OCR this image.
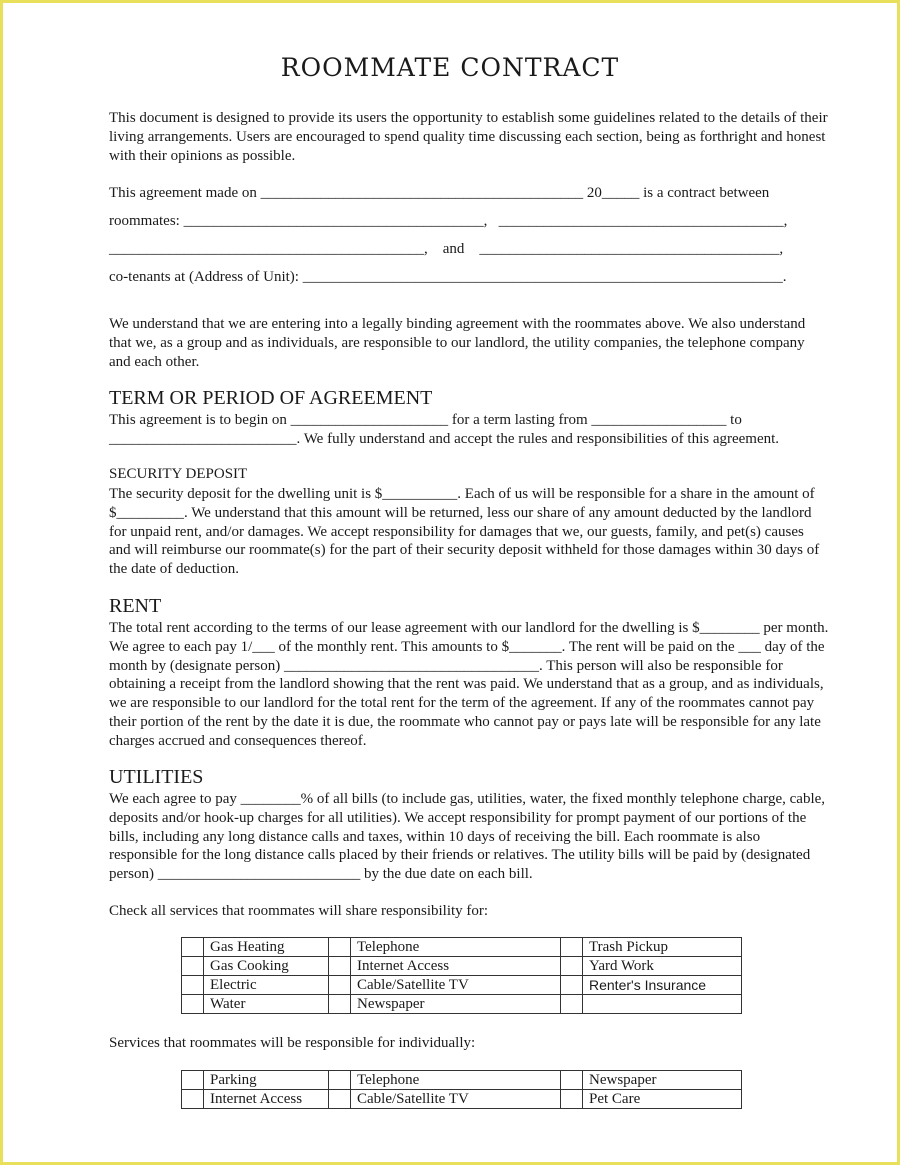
ROOMMATE CONTRACT
This document is designed to provide its users the opportunity to establish some guidelines related to the details of their living arrangements. Users are encouraged to spend quality time discussing each section, being as forthright and honest with their opinions as possible.
This agreement made on ___________________________________________ 20_____ is a contract between
roommates: ________________________________________,   ______________________________________,
__________________________________________,    and    ________________________________________,
co-tenants at (Address of Unit): ________________________________________________________________.
We understand that we are entering into a legally binding agreement with the roommates above. We also understand that we, as a group and as individuals, are responsible to our landlord, the utility companies, the telephone company and each other.
TERM OR PERIOD OF AGREEMENT
This agreement is to begin on _____________________ for a term lasting from __________________ to
_________________________. We fully understand and accept the rules and responsibilities of this agreement.
SECURITY DEPOSIT
The security deposit for the dwelling unit is $__________. Each of us will be responsible for a share in the amount of $_________. We understand that this amount will be returned, less our share of any amount deducted by the landlord for unpaid rent, and/or damages. We accept responsibility for damages that we, our guests, family, and pet(s) causes and will reimburse our roommate(s) for the part of their security deposit withheld for those damages within 30 days of the date of deduction.
RENT
The total rent according to the terms of our lease agreement with our landlord for the dwelling is $________ per month. We agree to each pay 1/___ of the monthly rent. This amounts to $_______. The rent will be paid on the ___ day of the month by (designate person) __________________________________. This person will also be responsible for obtaining a receipt from the landlord showing that the rent was paid. We understand that as a group, and as individuals, we are responsible to our landlord for the total rent for the term of the agreement. If any of the roommates cannot pay their portion of the rent by the date it is due, the roommate who cannot pay or pays late will be responsible for any late charges accrued and consequences thereof.
UTILITIES
We each agree to pay ________% of all bills (to include gas, utilities, water, the fixed monthly telephone charge, cable, deposits and/or hook-up charges for all utilities). We accept responsibility for prompt payment of our portions of the bills, including any long distance calls and taxes, within 10 days of receiving the bill. Each roommate is also responsible for the long distance calls placed by their friends or relatives. The utility bills will be paid by (designated person) ___________________________ by the due date on each bill.
Check all services that roommates will share responsibility for:
	Gas Heating		Telephone		Trash Pickup
	Gas Cooking		Internet Access		Yard Work
	Electric		Cable/Satellite TV		Renter's Insurance
	Water		Newspaper		
Services that roommates will be responsible for individually:
	Parking		Telephone		Newspaper
	Internet Access		Cable/Satellite TV		Pet Care
